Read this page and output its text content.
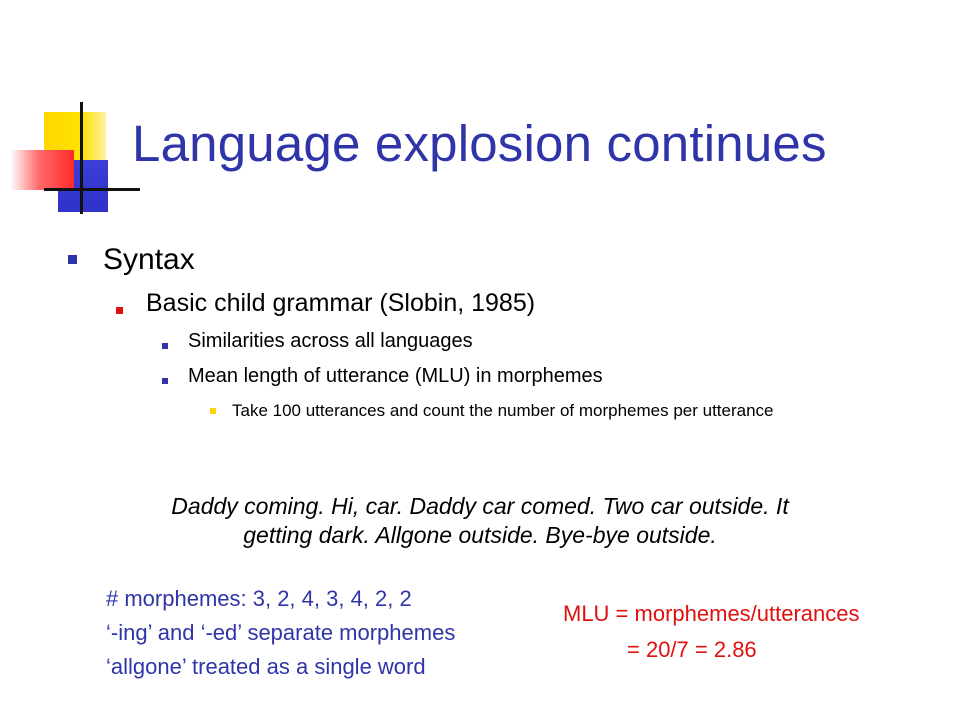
Language explosion continues
Syntax
Basic child grammar (Slobin, 1985)
Similarities across all languages
Mean length of utterance (MLU) in morphemes
Take 100 utterances and count the number of morphemes per utterance
Daddy coming. Hi, car. Daddy car comed. Two car outside. It
getting dark. Allgone outside. Bye-bye outside.
# morphemes: 3, 2, 4, 3, 4, 2, 2
‘-ing’ and ‘-ed’ separate morphemes
‘allgone’ treated as a single word
MLU = morphemes/utterances
= 20/7 = 2.86
